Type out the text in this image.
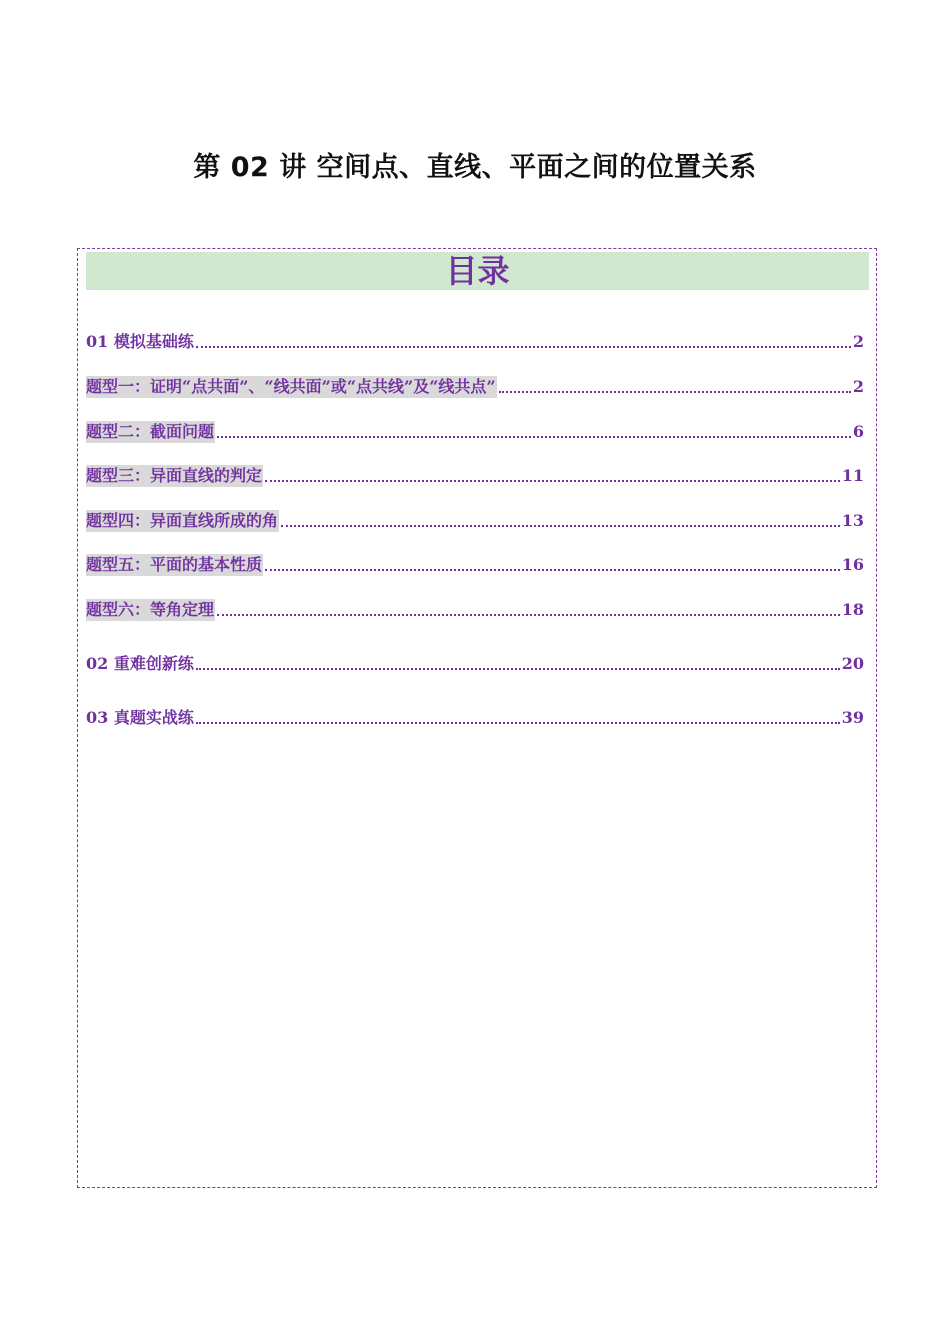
第 02 讲 空间点、直线、平面之间的位置关系
目录
01 模拟基础练	2
题型一：证明“点共面”、“线共面”或“点共线”及“线共点”	2
题型二：截面问题	6
题型三：异面直线的判定	11
题型四：异面直线所成的角	13
题型五：平面的基本性质	16
题型六：等角定理	18
02 重难创新练	20
03 真题实战练	39
